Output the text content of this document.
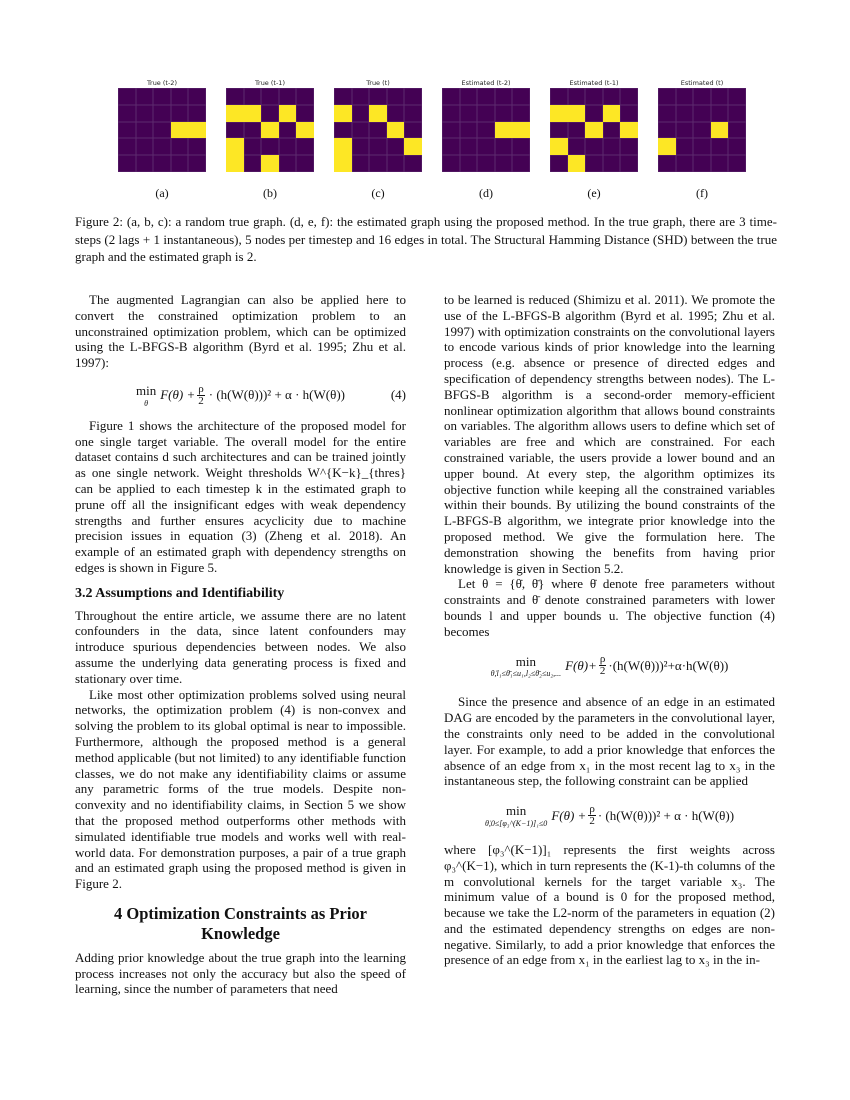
True (t-2)
(a)
True (t-1)
(b)
True (t)
(c)
Estimated (t-2)
(d)
Estimated (t-1)
(e)
Estimated (t)
(f)
Figure 2: (a, b, c): a random true graph. (d, e, f): the estimated graph using the proposed method. In the true graph, there are 3 time-steps (2 lags + 1 instantaneous), 5 nodes per timestep and 16 edges in total. The Structural Hamming Distance (SHD) between the true graph and the estimated graph is 2.

The augmented Lagrangian can also be applied here to convert the constrained optimization problem to an unconstrained optimization problem, which can be optimized using the L-BFGS-B algorithm (Byrd et al. 1995; Zhu et al. 1997):

min
θ
$F(\theta) + \frac{\rho}{2} \cdot (h(W(\theta)))^2 + \alpha \cdot h(W(\theta))$	(4)

Figure 1 shows the architecture of the proposed model for one single target variable. The overall model for the entire dataset contains d such architectures and can be trained jointly as one single network. Weight thresholds W^{K−k}_{thres} can be applied to each timestep k in the estimated graph to prune off all the insignificant edges with weak dependency strengths and further ensures acyclicity due to machine precision issues in equation (3) (Zheng et al. 2018). An example of an estimated graph with dependency strengths on edges is shown in Figure 5.

3.2 Assumptions and Identifiability

Throughout the entire article, we assume there are no latent confounders in the data, since latent confounders may introduce spurious dependencies between nodes. We also assume the underlying data generating process is fixed and stationary over time.

Like most other optimization problems solved using neural networks, the optimization problem (4) is non-convex and solving the problem to its global optimal is near to impossible. Furthermore, although the proposed method is a general method applicable (but not limited) to any identifiable function classes, we do not make any identifiability claims or assume any parametric forms of the true models. Despite non-convexity and no identifiability claims, in Section 5 we show that the proposed method outperforms other methods with simulated identifiable true models and works well with real-world data. For demonstration purposes, a pair of a true graph and an estimated graph using the proposed method is given in Figure 2.

4 Optimization Constraints as Prior Knowledge

Adding prior knowledge about the true graph into the learning process increases not only the accuracy but also the speed of learning, since the number of parameters that need

to be learned is reduced (Shimizu et al. 2011). We promote the use of the L-BFGS-B algorithm (Byrd et al. 1995; Zhu et al. 1997) with optimization constraints on the convolutional layers to encode various kinds of prior knowledge into the learning process (e.g. absence or presence of directed edges and specification of dependency strengths between nodes). The L-BFGS-B algorithm is a second-order memory-efficient nonlinear optimization algorithm that allows bound constraints on variables. The algorithm allows users to define which set of variables are free and which are constrained. For each constrained variable, the users provide a lower bound and an upper bound. At every step, the algorithm optimizes its objective function while keeping all the constrained variables within their bounds. By utilizing the bound constraints of the L-BFGS-B algorithm, we integrate prior knowledge into the proposed method. We give the formulation here. The demonstration showing the benefits from having prior knowledge is given in Section 5.2.

Let θ = {θ̇, θ̄} where θ̇ denote free parameters without constraints and θ̄ denote constrained parameters with lower bounds l and upper bounds u. The objective function (4) becomes

min
θ̇,l₁≤θ̄₁≤u₁,l₂≤θ̄₂≤u₂,...
$F(\theta)+ \frac{\rho}{2} \cdot(h(W(\theta)))^2+\alpha\cdot h(W(\theta))$

Since the presence and absence of an edge in an estimated DAG are encoded by the parameters in the convolutional layer, the constraints only need to be added in the convolutional layer. For example, to add a prior knowledge that enforces the absence of an edge from x₁ in the most recent lag to x₃ in the instantaneous step, the following constraint can be applied

min
θ̇,0≤[φ₃^(K−1)]₁≤0
$F(\theta) + \frac{\rho}{2} \cdot (h(W(\theta)))^2 + \alpha \cdot h(W(\theta))$

where [φ₃^(K−1)]₁ represents the first weights across φ₃^(K−1), which in turn represents the (K-1)-th columns of the m convolutional kernels for the target variable x₃. The minimum value of a bound is 0 for the proposed method, because we take the L2-norm of the parameters in equation (2) and the estimated dependency strengths on edges are non-negative. Similarly, to add a prior knowledge that enforces the presence of an edge from x₁ in the earliest lag to x₃ in the in-
